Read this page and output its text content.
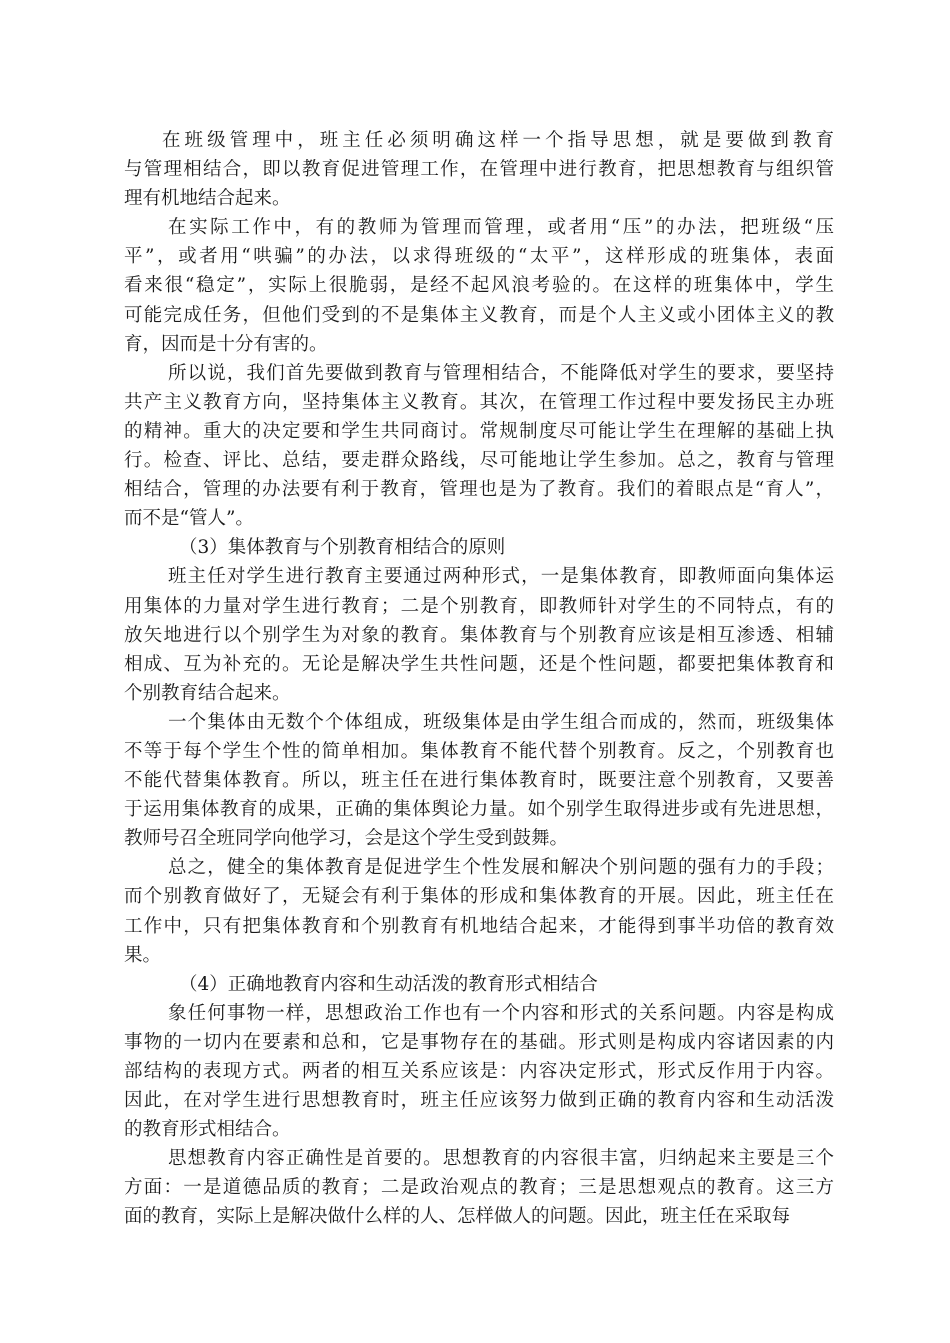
在班级管理中，班主任必须明确这样一个指导思想，就是要做到教育
与管理相结合，即以教育促进管理工作，在管理中进行教育，把思想教育与组织管
理有机地结合起来。
在实际工作中，有的教师为管理而管理，或者用“压”的办法，把班级“压
平”，或者用“哄骗”的办法，以求得班级的“太平”，这样形成的班集体，表面
看来很“稳定”，实际上很脆弱，是经不起风浪考验的。在这样的班集体中，学生
可能完成任务，但他们受到的不是集体主义教育，而是个人主义或小团体主义的教
育，因而是十分有害的。
所以说，我们首先要做到教育与管理相结合，不能降低对学生的要求，要坚持
共产主义教育方向，坚持集体主义教育。其次，在管理工作过程中要发扬民主办班
的精神。重大的决定要和学生共同商讨。常规制度尽可能让学生在理解的基础上执
行。检查、评比、总结，要走群众路线，尽可能地让学生参加。总之，教育与管理
相结合，管理的办法要有利于教育，管理也是为了教育。我们的着眼点是“育人”，
而不是“管人”。
（3）集体教育与个别教育相结合的原则
班主任对学生进行教育主要通过两种形式，一是集体教育，即教师面向集体运
用集体的力量对学生进行教育；二是个别教育，即教师针对学生的不同特点，有的
放矢地进行以个别学生为对象的教育。集体教育与个别教育应该是相互渗透、相辅
相成、互为补充的。无论是解决学生共性问题，还是个性问题，都要把集体教育和
个别教育结合起来。
一个集体由无数个个体组成，班级集体是由学生组合而成的，然而，班级集体
不等于每个学生个性的简单相加。集体教育不能代替个别教育。反之，个别教育也
不能代替集体教育。所以，班主任在进行集体教育时，既要注意个别教育，又要善
于运用集体教育的成果，正确的集体舆论力量。如个别学生取得进步或有先进思想，
教师号召全班同学向他学习，会是这个学生受到鼓舞。
总之，健全的集体教育是促进学生个性发展和解决个别问题的强有力的手段；
而个别教育做好了，无疑会有利于集体的形成和集体教育的开展。因此，班主任在
工作中，只有把集体教育和个别教育有机地结合起来，才能得到事半功倍的教育效
果。
（4）正确地教育内容和生动活泼的教育形式相结合
象任何事物一样，思想政治工作也有一个内容和形式的关系问题。内容是构成
事物的一切内在要素和总和，它是事物存在的基础。形式则是构成内容诸因素的内
部结构的表现方式。两者的相互关系应该是：内容决定形式，形式反作用于内容。
因此，在对学生进行思想教育时，班主任应该努力做到正确的教育内容和生动活泼
的教育形式相结合。
思想教育内容正确性是首要的。思想教育的内容很丰富，归纳起来主要是三个
方面：一是道德品质的教育；二是政治观点的教育；三是思想观点的教育。这三方
面的教育，实际上是解决做什么样的人、怎样做人的问题。因此，班主任在采取每
